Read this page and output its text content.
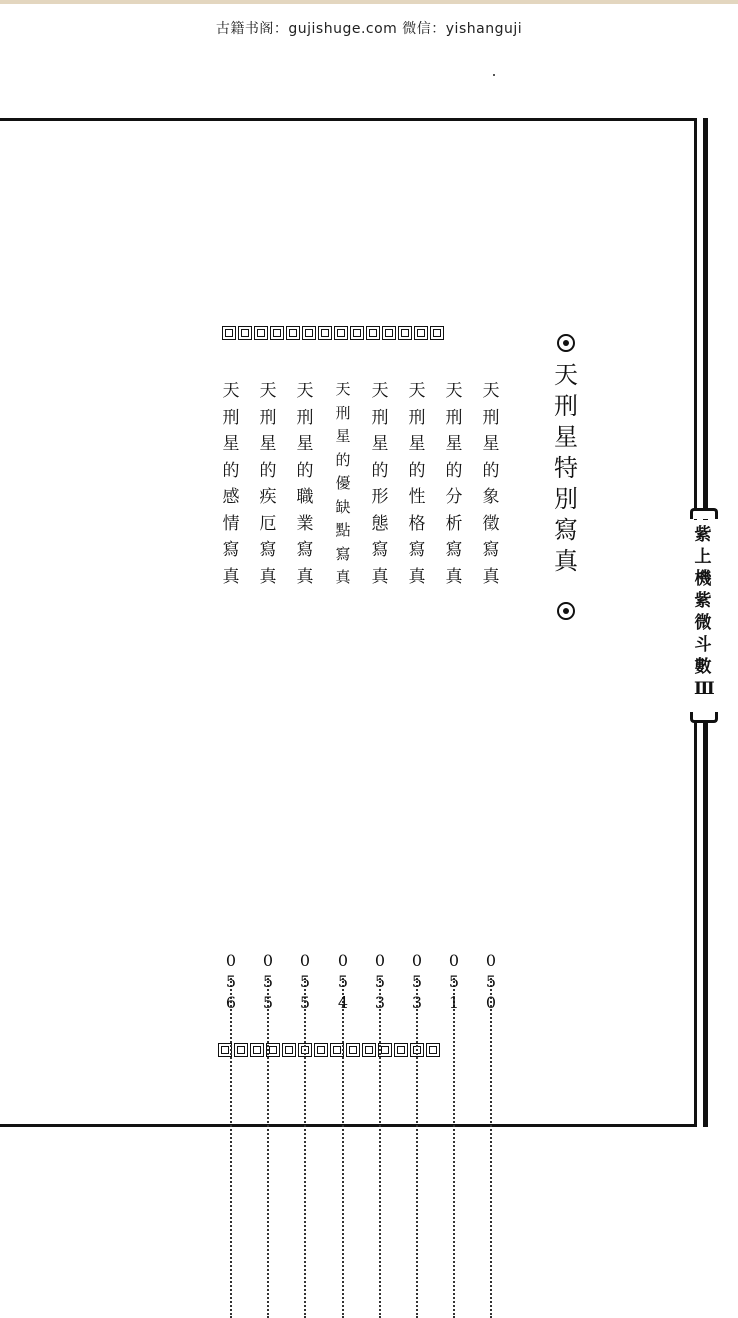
古籍书阁：gujishuge.com 微信：yishanguji
紫上機紫微斗數Ⅲ
天刑星特別寫真
天刑星的象徵寫真
050
天刑星的分析寫真
051
天刑星的性格寫真
053
天刑星的形態寫真
053
天刑星的優缺點寫真
054
天刑星的職業寫真
055
天刑星的疾厄寫真
055
天刑星的感情寫真
056
